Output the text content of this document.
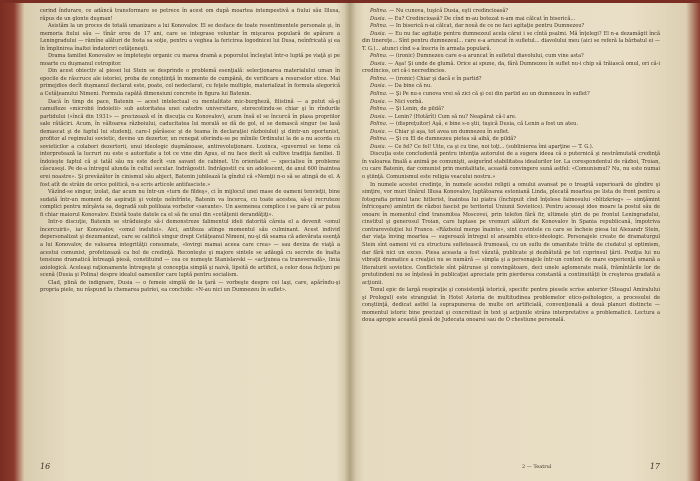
cerind îndurare, ce adâncă transformare se petrece în acest om după moartea intempestivă a fiului său Illusa, răpus de un glonte duşman!

Asistăm la un proces de totală umanizare a lui Konovalov. El se desface de toate resentimentele personale şi, în memoria fiului său — tînăr erou de 17 ani, care se integrase voluntar în mişcarea populară de apărare a Leningradului — rămîne alături de fosta sa soţie, pentru a veghea la fericirea logodnicei lui Dusa, neînfricată şi ea în împlinirea înaltei îndatoriri cetăţeneşti.

Drama familiei Konovalov se împleteşte organic cu marea dramă a poporului încleştat într-o luptă pe viaţă şi pe moarte cu duşmanul cotropitor.

Din acest obiectiv al piesei lui Stein se desprinde o problemă esenţială: selecţionarea materialului uman în epocile de răscruce ale istoriei, proba de conştiinţă în momente de cumpănă, de verificare a resurselor etice. Mai primejdios decît duşmanul declarat este, poate, cel nedeclarat, cu feţele multiple, materializat în formula alegorică a Cetăţeanului Nimeni. Formula capătă dimensiuni concrete în figura lui Batenin.

Dacă în timp de pace, Batenin — acest intelectual cu mentalitate mic-burgheză, filistină — a putut să-şi camufleze «microbii îndoielii» sub autoritatea unei catedre universitare, sterecotindu-se chiar şi în rîndurile partidului («încă din 1931» — precizează el în discuţia cu Konovalov), acum însă el se încurcă în plasa propriilor sale rătăciri. Acum, în vâltoarea războiului, caducitatea lui morală se dă de gol, el se demască singur (se lasă demascat şi de faptul lui studenţi, care-l părăsesc şi de teama în declaraţiei războiului) şi dintr-un oportunist, profitor al regimului sovietic, devine un dezertor, un renegat oferindu-se pe mîinile Ordinului la de a nu acorda cu sovieticilor a colabori dezertorii, unui ideologic duşmănoase, antirevoluţionare. Lozinca, «guvernul se teme că interpretează la lucruri nu este o autoritate a tot ce vine din Apus, el nu face decît să cultive tradiţia familiei. Il îndoieşte faptul că şi tatăl său nu este decît «un savant de cabinet. Un orientalist — specialisu în probleme câscuseşi. Pe de-a întregul alunda în cultul secular. Indrăgostit. Indrăgostit cu un adolescent, de anul 600 înaintea erei noastre». Şi prevăzător în cinismul său abject, Batenin jubilează la gîndul că «Nemţii n-o să se atingă de el. A fost atît de străin de orice politică, n-a scris articole antifasciste.»

Văzînd-se singur, izolat, dar acum nu într-un «turn de fildeş», ci în mijlocul unei mase de oameni tenvieţii, bine sudată într-un moment de aspiraţii şi voinţe neînfrînte, Batenin va încerca, cu toate acestea, să-şi recruteze complici pentru mîrşăvia sa, degradă sub poliloaia vorbelor «savante». Un asemenea complice i se pare că ar putea fi chiar maiorul Konovalov. Există toate datele ca el să fie unul din «cetăţenii derandăţiţi».

Intr-o discuţie, Batenin se străduieşte să-i demonstreze falimentul ideii datorită căreia el a devenit «omul încercuirii», iar Konovalov, «omul inelului». Aici, antiteza atinge momentul său culminant. Acest individ depersonalizat şi dezumanizat, care se califică singur drept Cetăţeanul Nimeni, nu-şi dă seama că adevărata esenţă a lui Konovalov, de valoarea integrităţii consumate, «lovirgi mamai aceea care crea» — sau deviza de viaţă a acestui comunist, profetizează ca bol de credinţă. Reconteşte şi majore sintele se adăugă cu secrete de înalta tensiune dramatică întreagă piesă, constituind — cea ce numeşte Stanislavski — «acţiunea ca transversală», linia axiologică. Aceleaşi raţionamente întregeşte şi concepţia simplă şi naivă, lipsită de artificii, a celor doua ficţiuni pe scenă (Dusia şi Polina) despre idealul oamenilor care luptă pentru socialism.

Clad, plină de indignare, Dusia — o femeie simplă de la ţară — vorbeşte despre cei laşi, care, apărîndu-şi propria piele, nu răspund la chemarea patriei, ea conchide: «N-au nici un Dumnezeu în suflet».

16

Polina. — Nu cunova, tuşică Dusia, eşti credincioasă?

Dusia. — Eu? Credincioasă? De cînd m-au botezat n-am mai călcat în biserică...

Polina. — In biserică n-ai călcat, dar nouă de ce ne faci agitaţie pentru Dumnezeu?

Dusia. — Eu nu fac agitaţie pentru dumnezeul acela cărui i se cîntă psalmi. Mă înţelegi? El n-a dezamăgit încă din tinereţe... Sînt pentru dumnezeul... care e-a aruncat în sufletul... diavolului meu (aici se referă la bărbatul ei — T. G.)... atunci cînd s-a înscris în armata populară.

Polina. — (ironic) Dumnezeu care e-a aruncat în sufletul diavolului, cum vine asta?

Dusia. — Aşa! Şi unde de glumă. Orice ai spune, da, fără Dumnezeu în suflet nu-i chip să trăiască omul, ori că-i credincios, ori că-i necredincios.

Polina. — (ironic) Chiar şi dacă e în partid?

Dusia. — Da bine că nu.

Polina. — Şi Pe nu-s cunova vrei să zici că şi cei din partid au un dumnezeu în suflet?

Dusia. — Nici vorbă.

Polina. — Şi Lenin, de pildă?

Dusia. — Lenin? (Hotărît) Cum să nu? Neapărat că-l are.

Polina. — (dispreţuitor) Aşă, e bine s-o ştii, tuşică Dusia, că Lenin a fost un ateu.

Dusia. — Chiar şi aşa, tot avea un dumnezeu în suflet.

Polina. — Şi cu El de dumnezeu pietea să aibă, de pildă?

Dusia. — Ce fel? Ce fel! Uite, ca şi cu tine, noi toţi... (sublinierea îmi aparţine — T. G.).

Discuţia este concludentă pentru intenţia autorului de a sugera ideea că o puternică şi nestrămutată credinţă în valoarea finală a animă pe comunişti, asigurînd stabilitatea idealurilor lor. La corespondentul de război, Troian, cu care Batenin, dar comunist prin mentalitate, această convingere sună astfel: «Comunismul? Nu, nu este numai o ştiinţă. Comunismul este religia veacului nostru.»

In numele acestei credinţe, în numele acestei religii a omului avansat pe o treaptă superioară de gîndire şi simţire, vor muri tînărul Illusa Konovalov, luptătoarea estoniană Linda, plecată moartea pe lista de front pentru a fotografia primul tanc hitlerist, înaintea lui piatra (închipuit cînd înţelese faimosului «blitzkrieg» — simţămint înfricoşare) amintiri de război fascist pe teritoriul Uniunii Sovietice). Pentru aceeaşi idee moare la postul său de onoare în momentul cînd transmitea Moscovei, prin telefon fără fir, ultimele ştiri de pe frontul Leningradului, cinstitul şi generosul Troian, care luptase pe vremuri alături de Konovalov în Spania republicană, împotriva contrarevoluţiei lui Franco. «Războiul merge înainte», sint cuvintele cu care se încheie piesa lui Alexandr Stein, dar viaţa înving moartea — sugerează întregul el ansamblu etico-ideologic. Personajele create de dramaturgul Stein sînt oameni vii cu structura sufletească frumoasă, cu un suflu de umanitate trăite de ciudatul şi optimism, dar fără nici un exces. Piesa aceasta a fost văzută, publicate şi dezbătută pe tot cuprinsul ţării. Poziţia lui nu vibraţii dramatice a creaţiei nu se numără — simpla şi a personajele într-un context de mare experienţă umană a literaturii sovietice. Conflictele sînt pătrunse şi convingătoare, deci unele aglomerate reală, frămîntările lor de pretutindeni nu se înţelesă în publicaţiei apreciate prin pierderea constantă a continuităţii în creşterea gradată a acţiunii.

Tonul epic de largă respiraţie şi consistenţă istorică, specific pentru piesele scrise anterior (Steagul Amiralului şi Prologul) este strangulat în Hotel Astoria de multitudinea problemelor etico-psihologice, a procesului de conştiinţă, dedicat astfel la suprapunerea de multe ori artificială, convenţională a două planuri distincte — momentul istoric bine precizat şi concretizat în text şi acţiunile strâns interpretative a problematicii. Lectura a doua apropie această piesă de Judecata onoarei sau de O chestiune personală.

2 — Teatrul	17
